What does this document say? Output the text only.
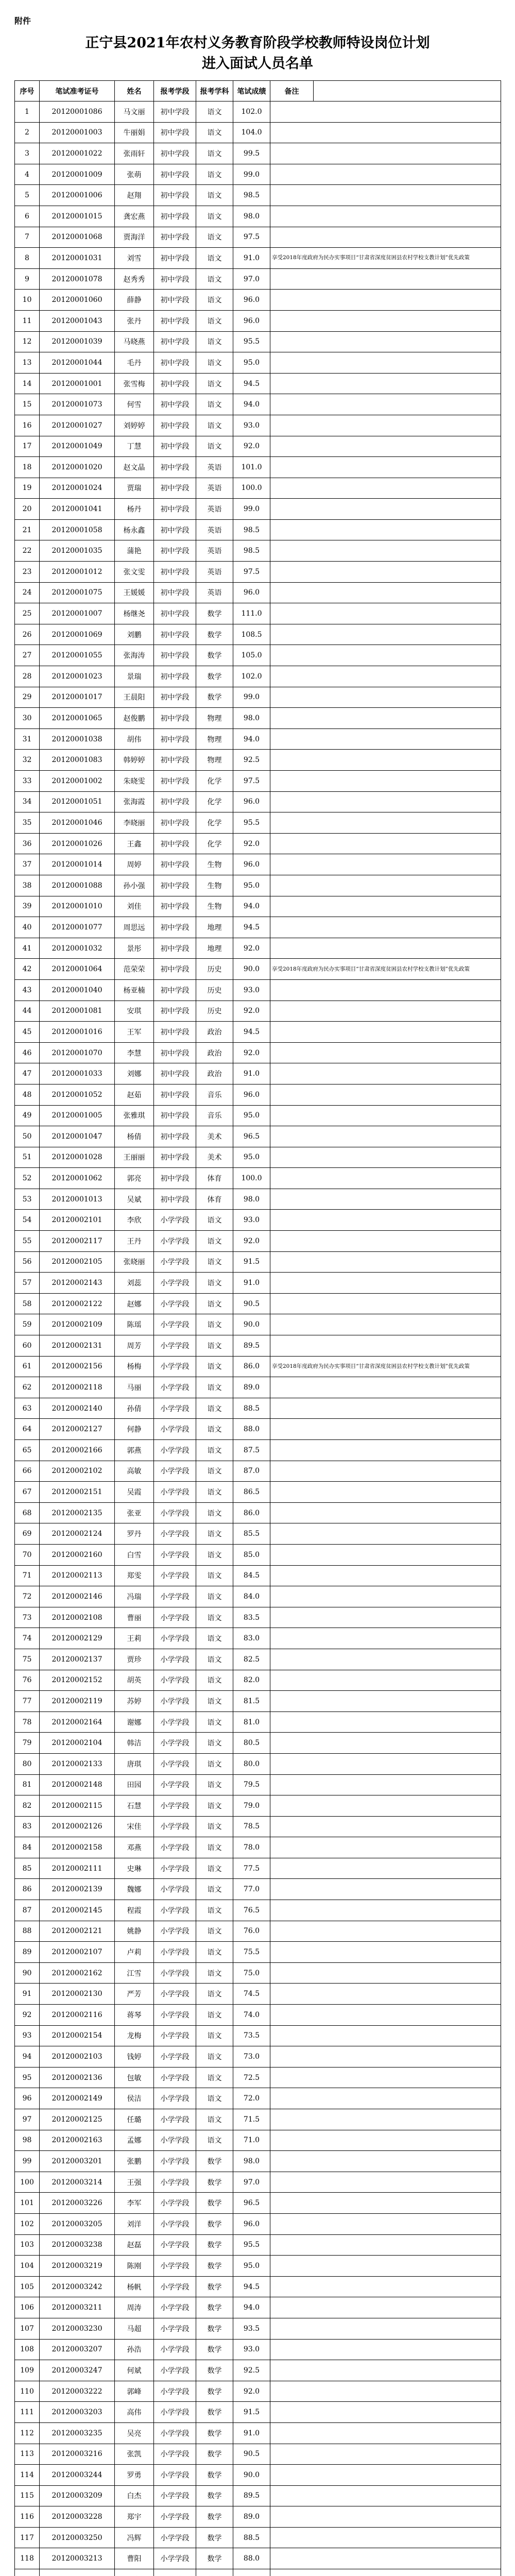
附件
正宁县2021年农村义务教育阶段学校教师特设岗位计划
进入面试人员名单
序号	笔试准考证号	姓名	报考学段	报考学科	笔试成绩	备注	
1	20120001086	马文丽	初中学段	语文	102.0		
2	20120001003	牛丽娟	初中学段	语文	104.0		
3	20120001022	张雨轩	初中学段	语文	99.5		
4	20120001009	张萌	初中学段	语文	99.0		
5	20120001006	赵翔	初中学段	语文	98.5		
6	20120001015	龚宏燕	初中学段	语文	98.0		
7	20120001068	贾海洋	初中学段	语文	97.5		
8	20120001031	刘雪	初中学段	语文	91.0	享受2018年度政府为民办实事项目“甘肃省深度贫困县农村学校支教计划”优先政策	
9	20120001078	赵秀秀	初中学段	语文	97.0		
10	20120001060	薛静	初中学段	语文	96.0		
11	20120001043	张丹	初中学段	语文	96.0		
12	20120001039	马晓燕	初中学段	语文	95.5		
13	20120001044	毛丹	初中学段	语文	95.0		
14	20120001001	张雪梅	初中学段	语文	94.5		
15	20120001073	何雪	初中学段	语文	94.0		
16	20120001027	刘婷婷	初中学段	语文	93.0		
17	20120001049	丁慧	初中学段	语文	92.0		
18	20120001020	赵文晶	初中学段	英语	101.0		
19	20120001024	贾瑞	初中学段	英语	100.0		
20	20120001041	杨丹	初中学段	英语	99.0		
21	20120001058	杨永鑫	初中学段	英语	98.5		
22	20120001035	蒲艳	初中学段	英语	98.5		
23	20120001012	张文雯	初中学段	英语	97.5		
24	20120001075	王媛媛	初中学段	英语	96.0		
25	20120001007	杨继尧	初中学段	数学	111.0		
26	20120001069	刘鹏	初中学段	数学	108.5		
27	20120001055	张海涛	初中学段	数学	105.0		
28	20120001023	景瑞	初中学段	数学	102.0		
29	20120001017	王晨阳	初中学段	数学	99.0		
30	20120001065	赵俊鹏	初中学段	物理	98.0		
31	20120001038	胡伟	初中学段	物理	94.0		
32	20120001083	韩婷婷	初中学段	物理	92.5		
33	20120001002	朱晓雯	初中学段	化学	97.5		
34	20120001051	张海霞	初中学段	化学	96.0		
35	20120001046	李晓丽	初中学段	化学	95.5		
36	20120001026	王鑫	初中学段	化学	92.0		
37	20120001014	周婷	初中学段	生物	96.0		
38	20120001088	孙小强	初中学段	生物	95.0		
39	20120001010	刘佳	初中学段	生物	94.0		
40	20120001077	周思远	初中学段	地理	94.5		
41	20120001032	景彤	初中学段	地理	92.0		
42	20120001064	范荣荣	初中学段	历史	90.0	享受2018年度政府为民办实事项目“甘肃省深度贫困县农村学校支教计划”优先政策	
43	20120001040	杨亚楠	初中学段	历史	93.0		
44	20120001081	安琪	初中学段	历史	92.0		
45	20120001016	王军	初中学段	政治	94.5		
46	20120001070	李慧	初中学段	政治	92.0		
47	20120001033	刘娜	初中学段	政治	91.0		
48	20120001052	赵茹	初中学段	音乐	96.0		
49	20120001005	张雅琪	初中学段	音乐	95.0		
50	20120001047	杨倩	初中学段	美术	96.5		
51	20120001028	王丽丽	初中学段	美术	95.0		
52	20120001062	郭亮	初中学段	体育	100.0		
53	20120001013	吴斌	初中学段	体育	98.0		
54	20120002101	李欣	小学学段	语文	93.0		
55	20120002117	王丹	小学学段	语文	92.0		
56	20120002105	张晓丽	小学学段	语文	91.5		
57	20120002143	刘蕊	小学学段	语文	91.0		
58	20120002122	赵娜	小学学段	语文	90.5		
59	20120002109	陈瑶	小学学段	语文	90.0		
60	20120002131	周芳	小学学段	语文	89.5		
61	20120002156	杨梅	小学学段	语文	86.0	享受2018年度政府为民办实事项目“甘肃省深度贫困县农村学校支教计划”优先政策	
62	20120002118	马丽	小学学段	语文	89.0		
63	20120002140	孙倩	小学学段	语文	88.5		
64	20120002127	何静	小学学段	语文	88.0		
65	20120002166	郭燕	小学学段	语文	87.5		
66	20120002102	高敏	小学学段	语文	87.0		
67	20120002151	吴霞	小学学段	语文	86.5		
68	20120002135	张亚	小学学段	语文	86.0		
69	20120002124	罗丹	小学学段	语文	85.5		
70	20120002160	白雪	小学学段	语文	85.0		
71	20120002113	郑雯	小学学段	语文	84.5		
72	20120002146	冯瑞	小学学段	语文	84.0		
73	20120002108	曹丽	小学学段	语文	83.5		
74	20120002129	王莉	小学学段	语文	83.0		
75	20120002137	贾珍	小学学段	语文	82.5		
76	20120002152	胡英	小学学段	语文	82.0		
77	20120002119	苏婷	小学学段	语文	81.5		
78	20120002164	谢娜	小学学段	语文	81.0		
79	20120002104	韩洁	小学学段	语文	80.5		
80	20120002133	唐琪	小学学段	语文	80.0		
81	20120002148	田园	小学学段	语文	79.5		
82	20120002115	石慧	小学学段	语文	79.0		
83	20120002126	宋佳	小学学段	语文	78.5		
84	20120002158	邓燕	小学学段	语文	78.0		
85	20120002111	史琳	小学学段	语文	77.5		
86	20120002139	魏娜	小学学段	语文	77.0		
87	20120002145	程霞	小学学段	语文	76.5		
88	20120002121	姚静	小学学段	语文	76.0		
89	20120002107	卢莉	小学学段	语文	75.5		
90	20120002162	江雪	小学学段	语文	75.0		
91	20120002130	严芳	小学学段	语文	74.5		
92	20120002116	蒋琴	小学学段	语文	74.0		
93	20120002154	龙梅	小学学段	语文	73.5		
94	20120002103	钱婷	小学学段	语文	73.0		
95	20120002136	包敏	小学学段	语文	72.5		
96	20120002149	侯洁	小学学段	语文	72.0		
97	20120002125	任璐	小学学段	语文	71.5		
98	20120002163	孟娜	小学学段	语文	71.0		
99	20120003201	张鹏	小学学段	数学	98.0		
100	20120003214	王强	小学学段	数学	97.0		
101	20120003226	李军	小学学段	数学	96.5		
102	20120003205	刘洋	小学学段	数学	96.0		
103	20120003238	赵磊	小学学段	数学	95.5		
104	20120003219	陈刚	小学学段	数学	95.0		
105	20120003242	杨帆	小学学段	数学	94.5		
106	20120003211	周涛	小学学段	数学	94.0		
107	20120003230	马超	小学学段	数学	93.5		
108	20120003207	孙浩	小学学段	数学	93.0		
109	20120003247	何斌	小学学段	数学	92.5		
110	20120003222	郭峰	小学学段	数学	92.0		
111	20120003203	高伟	小学学段	数学	91.5		
112	20120003235	吴亮	小学学段	数学	91.0		
113	20120003216	张凯	小学学段	数学	90.5		
114	20120003244	罗勇	小学学段	数学	90.0		
115	20120003209	白杰	小学学段	数学	89.5		
116	20120003228	郑宇	小学学段	数学	89.0		
117	20120003250	冯辉	小学学段	数学	88.5		
118	20120003213	曹阳	小学学段	数学	88.0		
